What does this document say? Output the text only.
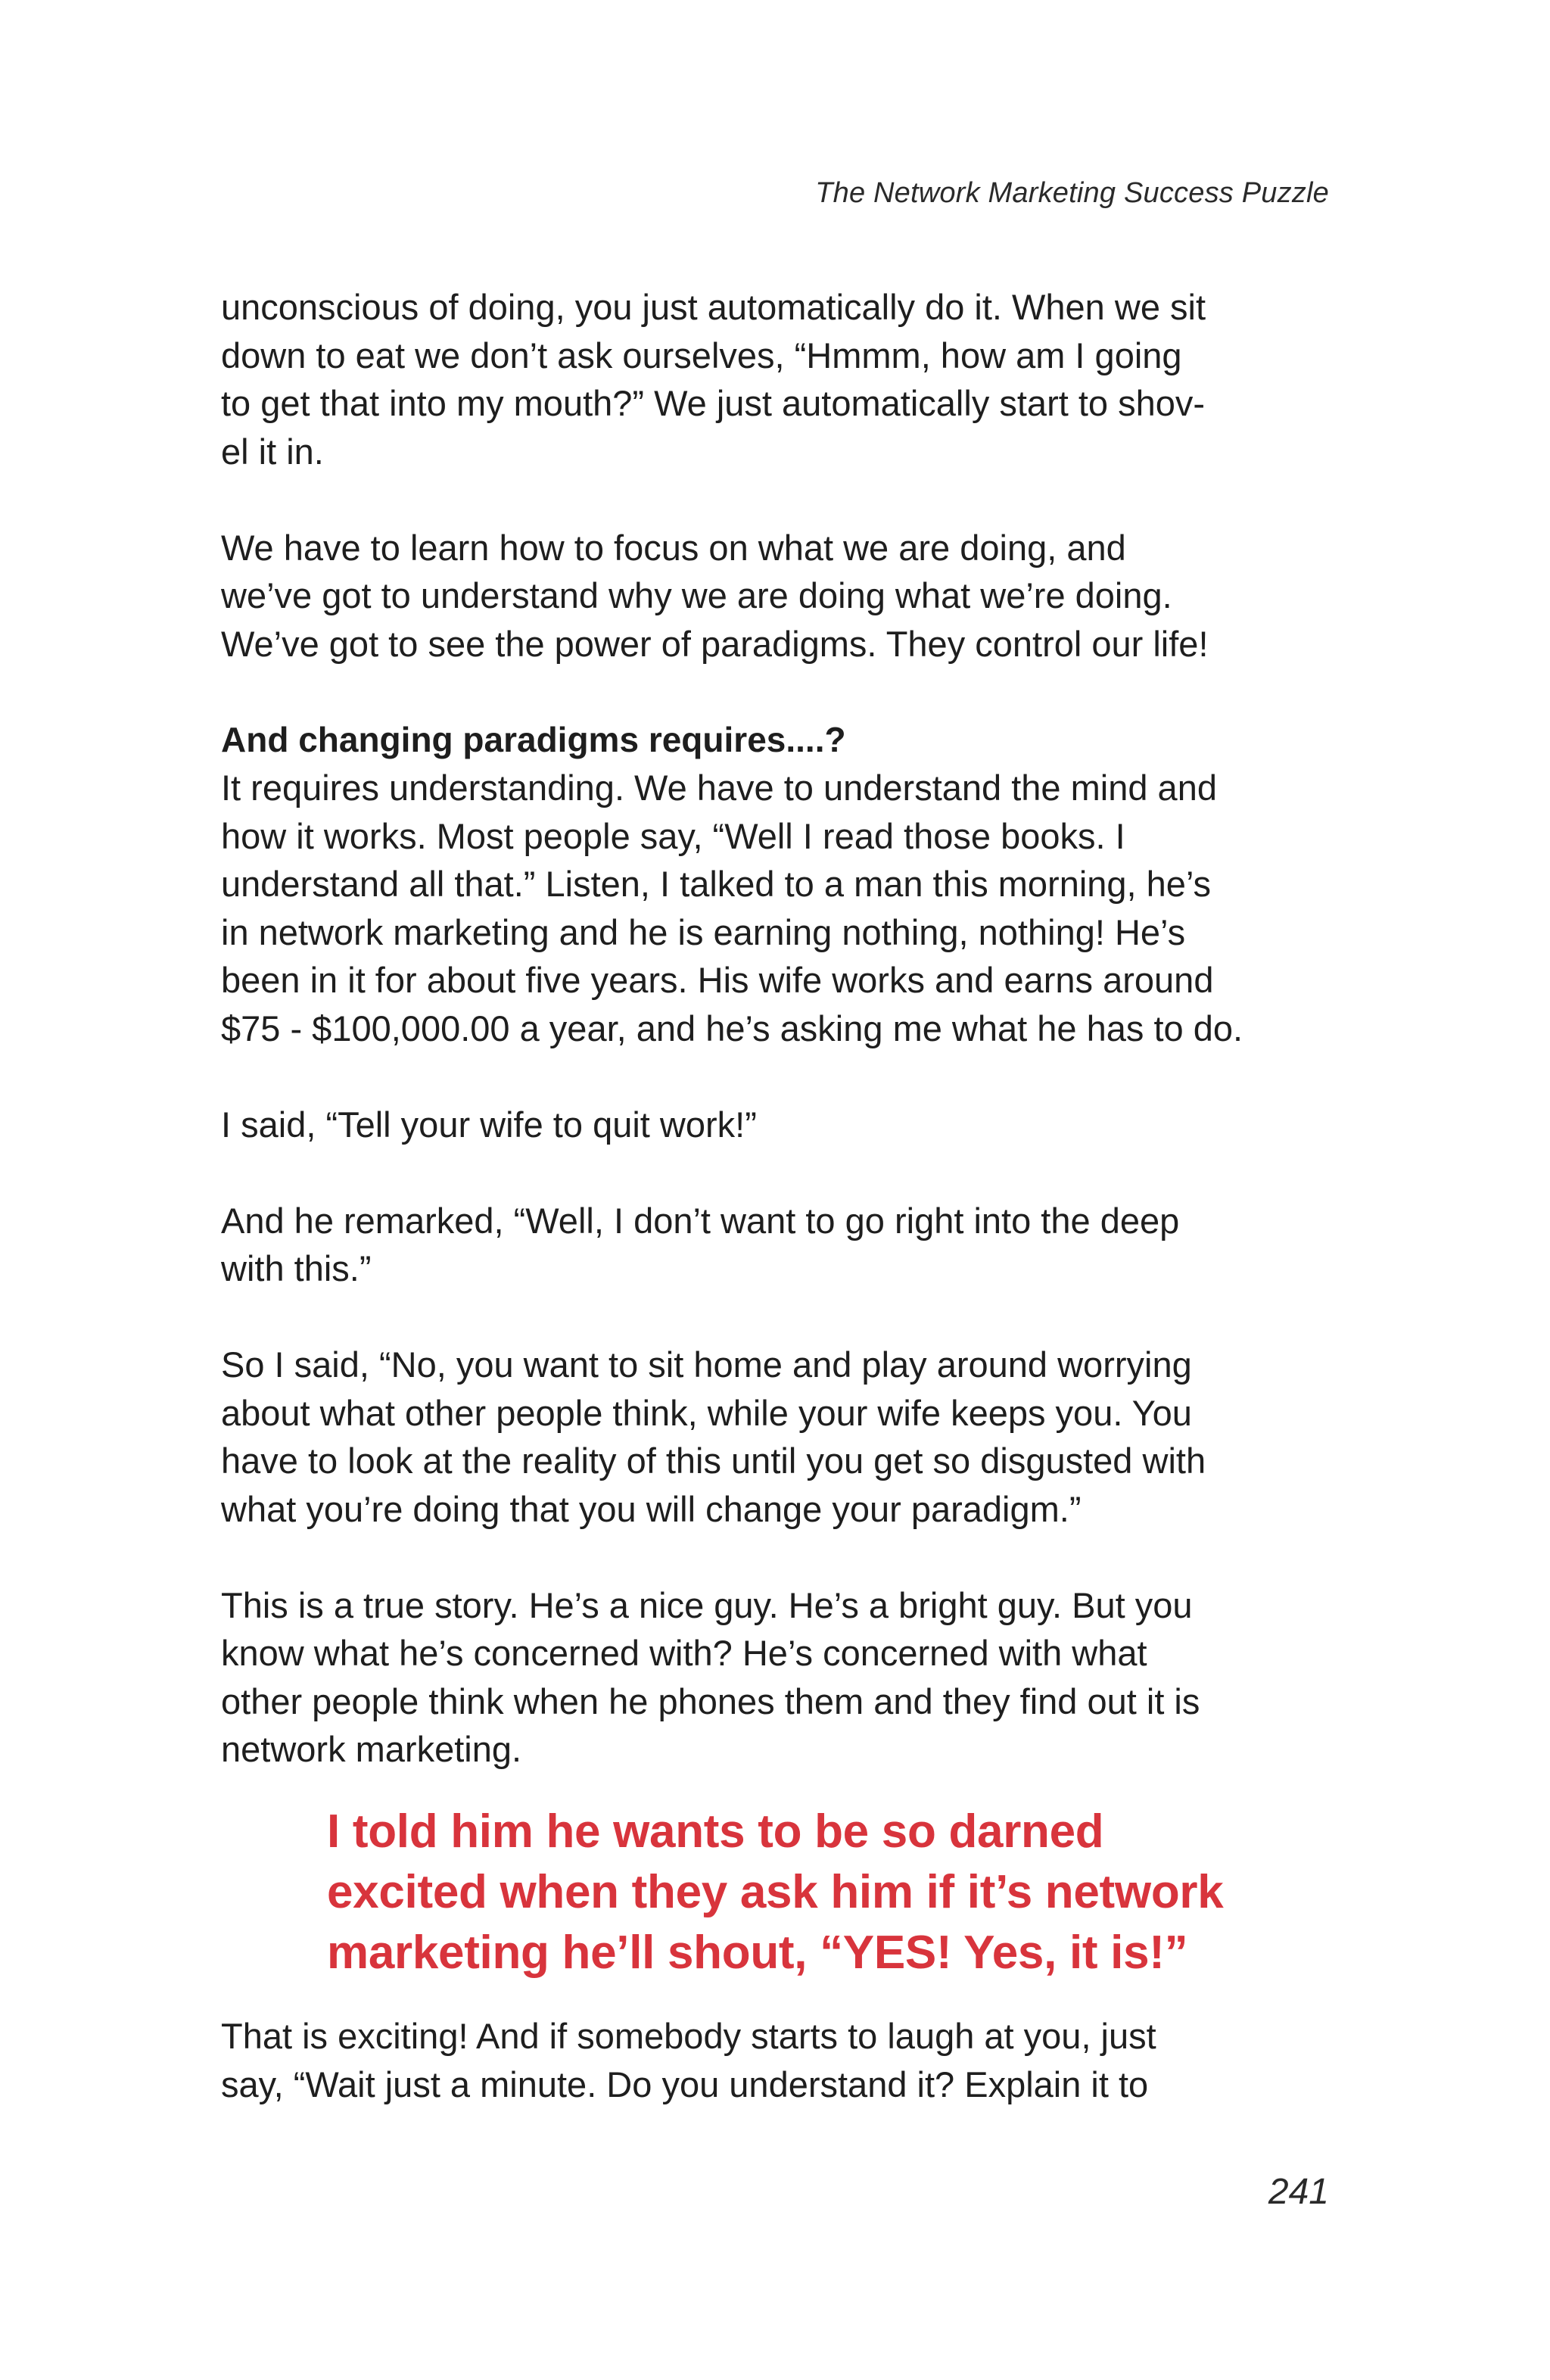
The Network Marketing Success Puzzle

unconscious of doing, you just automatically do it. When we sit
down to eat we don’t ask ourselves, “Hmmm, how am I going
to get that into my mouth?” We just automatically start to shov-
el it in.

We have to learn how to focus on what we are doing, and
we’ve got to understand why we are doing what we’re doing.
We’ve got to see the power of paradigms. They control our life!

And changing paradigms requires....?

It requires understanding. We have to understand the mind and
how it works. Most people say, “Well I read those books. I
understand all that.” Listen, I talked to a man this morning, he’s
in network marketing and he is earning nothing, nothing! He’s
been in it for about five years. His wife works and earns around
$75 - $100,000.00 a year, and he’s asking me what he has to do.

I said, “Tell your wife to quit work!”

And he remarked, “Well, I don’t want to go right into the deep
with this.”

So I said, “No, you want to sit home and play around worrying
about what other people think, while your wife keeps you. You
have to look at the reality of this until you get so disgusted with
what you’re doing that you will change your paradigm.”

This is a true story. He’s a nice guy. He’s a bright guy. But you
know what he’s concerned with? He’s concerned with what
other people think when he phones them and they find out it is
network marketing.

I told him he wants to be so darned
excited when they ask him if it’s network
marketing he’ll shout, “YES! Yes, it is!”

That is exciting! And if somebody starts to laugh at you, just
say, “Wait just a minute. Do you understand it? Explain it to

241
